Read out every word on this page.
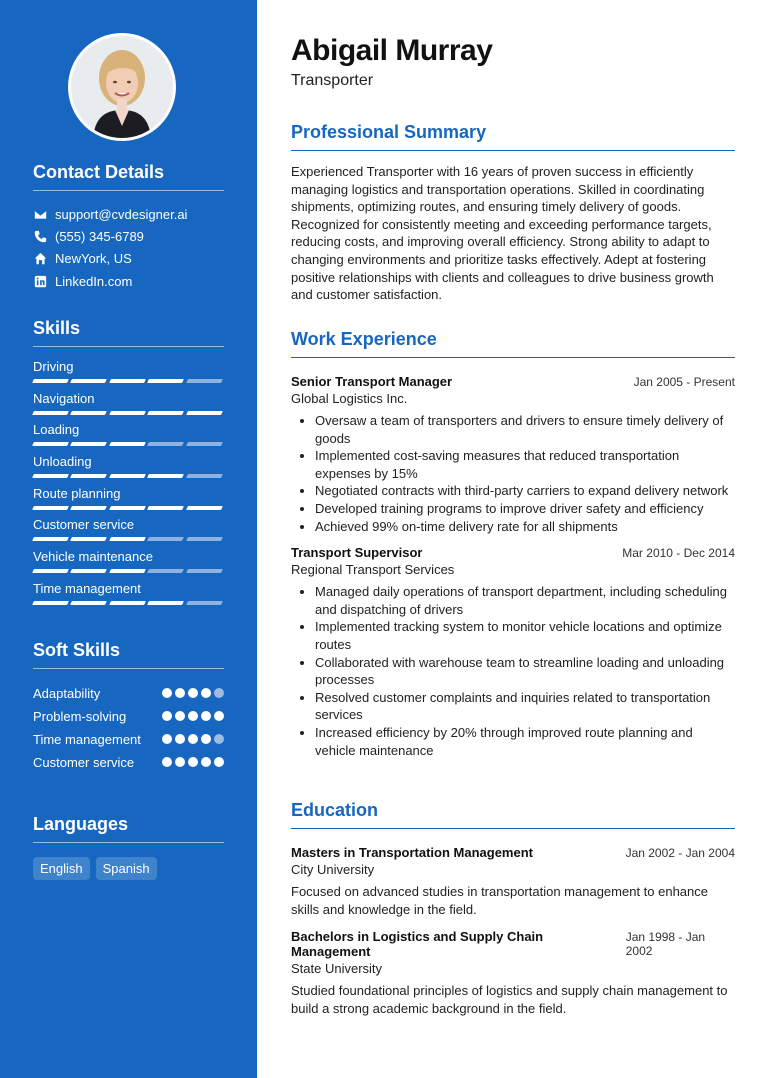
Contact Details
support@cvdesigner.ai
(555) 345-6789
NewYork, US
LinkedIn.com
Skills
Driving
Navigation
Loading
Unloading
Route planning
Customer service
Vehicle maintenance
Time management
Soft Skills
Adaptability
Problem-solving
Time management
Customer service
Languages
English	Spanish
Abigail Murray
Transporter
Professional Summary

Experienced Transporter with 16 years of proven success in efficiently managing logistics and transportation operations. Skilled in coordinating shipments, optimizing routes, and ensuring timely delivery of goods. Recognized for consistently meeting and exceeding performance targets, reducing costs, and improving overall efficiency. Strong ability to adapt to changing environments and prioritize tasks effectively. Adept at fostering positive relationships with clients and colleagues to drive business growth and customer satisfaction.

Work Experience
Senior Transport Manager	Jan 2005 - Present
Global Logistics Inc.
• Oversaw a team of transporters and drivers to ensure timely delivery of goods
• Implemented cost-saving measures that reduced transportation expenses by 15%
• Negotiated contracts with third-party carriers to expand delivery network
• Developed training programs to improve driver safety and efficiency
• Achieved 99% on-time delivery rate for all shipments
Transport Supervisor	Mar 2010 - Dec 2014
Regional Transport Services
• Managed daily operations of transport department, including scheduling and dispatching of drivers
• Implemented tracking system to monitor vehicle locations and optimize routes
• Collaborated with warehouse team to streamline loading and unloading processes
• Resolved customer complaints and inquiries related to transportation services
• Increased efficiency by 20% through improved route planning and vehicle maintenance
Education
Masters in Transportation Management	Jan 2002 - Jan 2004
City University

Focused on advanced studies in transportation management to enhance skills and knowledge in the field.

Bachelors in Logistics and Supply Chain Management
Jan 1998 - Jan 2002
State University

Studied foundational principles of logistics and supply chain management to build a strong academic background in the field.
